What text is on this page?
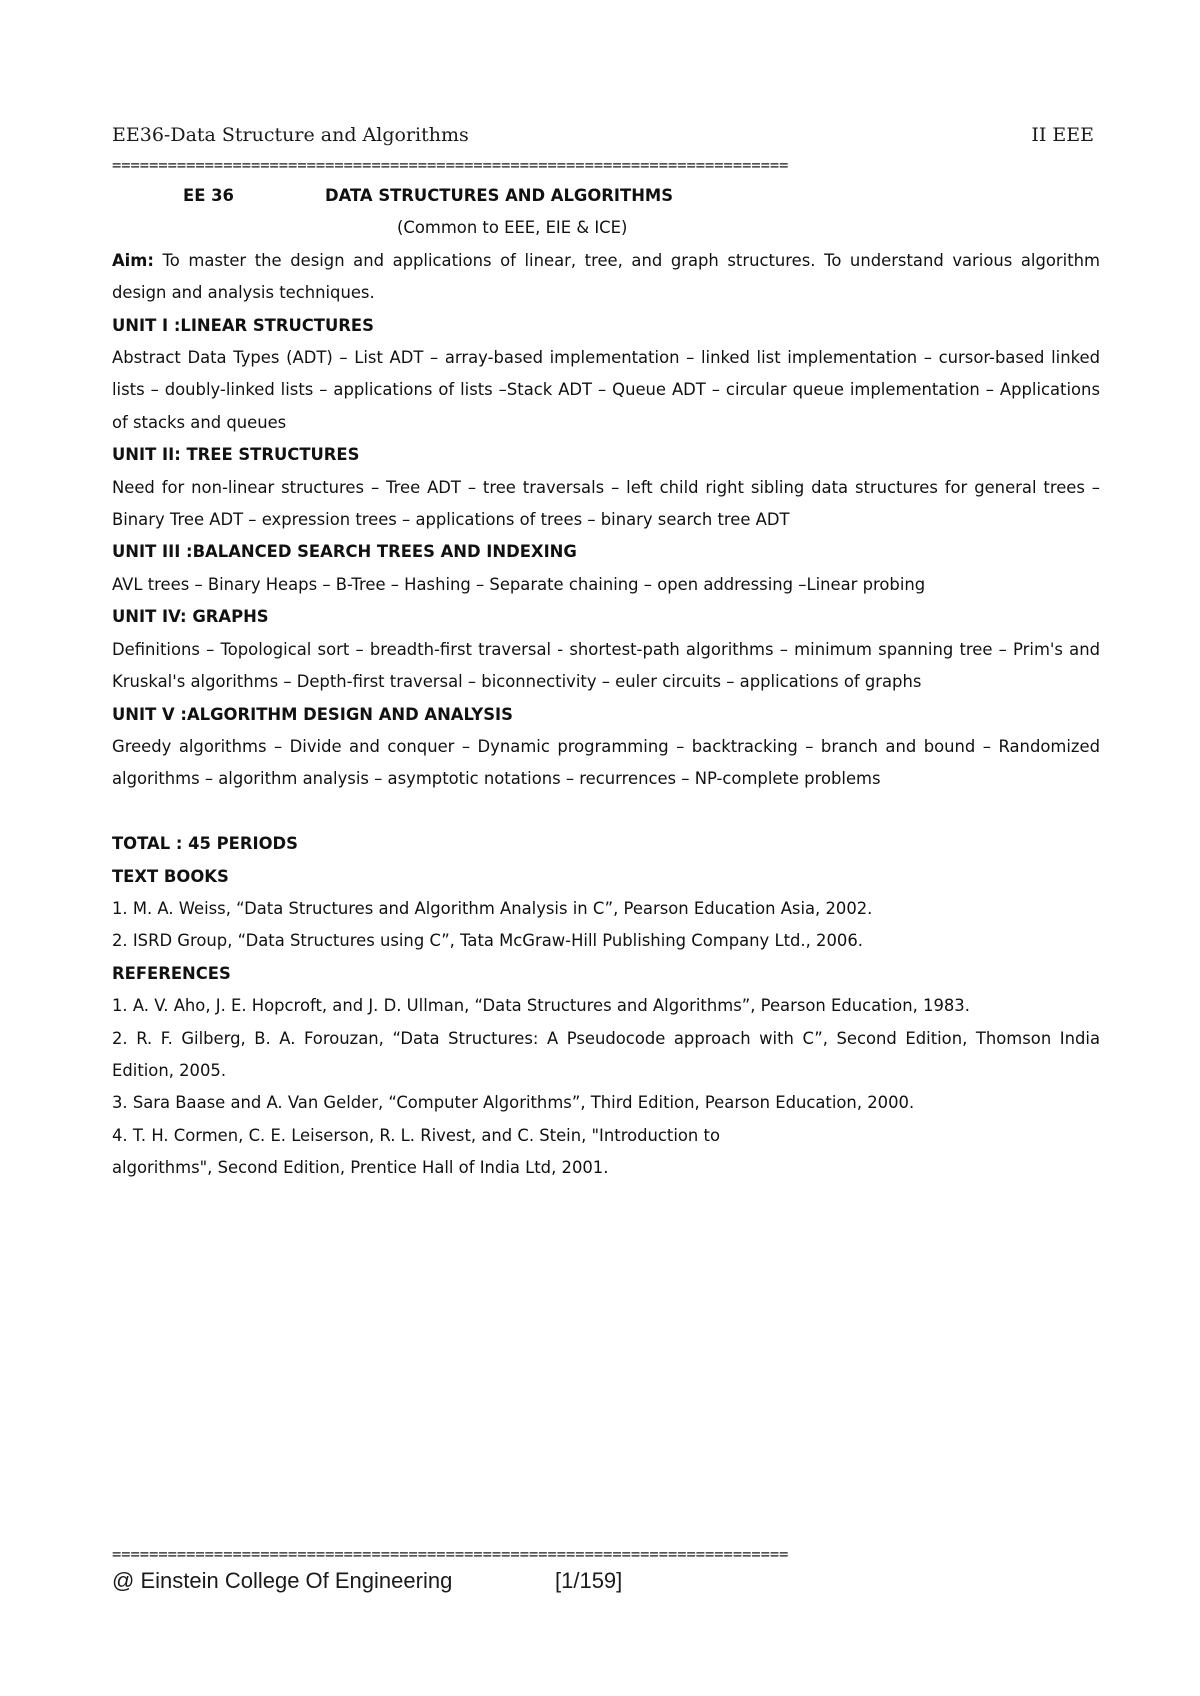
EE36-Data Structure and Algorithms	II EEE
=========================================================================

EE 36	DATA STRUCTURES AND ALGORITHMS

(Common to EEE, EIE & ICE)

Aim: To master the design and applications of linear, tree, and graph structures. To understand various algorithm design and analysis techniques.

UNIT I :LINEAR STRUCTURES

Abstract Data Types (ADT) – List ADT – array-based implementation – linked list implementation – cursor-based linked lists – doubly-linked lists – applications of lists –Stack ADT – Queue ADT – circular queue implementation – Applications of stacks and queues

UNIT II: TREE STRUCTURES

Need for non-linear structures – Tree ADT – tree traversals – left child right sibling data structures for general trees – Binary Tree ADT – expression trees – applications of trees – binary search tree ADT

UNIT III :BALANCED SEARCH TREES AND INDEXING

AVL trees – Binary Heaps – B-Tree – Hashing – Separate chaining – open addressing –Linear probing

UNIT IV: GRAPHS

Definitions – Topological sort – breadth-first traversal - shortest-path algorithms – minimum spanning tree – Prim's and Kruskal's algorithms – Depth-first traversal – biconnectivity – euler circuits – applications of graphs

UNIT V :ALGORITHM DESIGN AND ANALYSIS

Greedy algorithms – Divide and conquer – Dynamic programming – backtracking – branch and bound – Randomized algorithms – algorithm analysis – asymptotic notations – recurrences – NP-complete problems

TOTAL : 45 PERIODS

TEXT BOOKS

1. M. A. Weiss, “Data Structures and Algorithm Analysis in C”, Pearson Education Asia, 2002.

2. ISRD Group, “Data Structures using C”, Tata McGraw-Hill Publishing Company Ltd., 2006.

REFERENCES

1. A. V. Aho, J. E. Hopcroft, and J. D. Ullman, “Data Structures and Algorithms”, Pearson Education, 1983.

2. R. F. Gilberg, B. A. Forouzan, “Data Structures: A Pseudocode approach with C”, Second Edition, Thomson India Edition, 2005.

3. Sara Baase and A. Van Gelder, “Computer Algorithms”, Third Edition, Pearson Education, 2000.

4. T. H. Cormen, C. E. Leiserson, R. L. Rivest, and C. Stein, "Introduction to

algorithms", Second Edition, Prentice Hall of India Ltd, 2001.

=========================================================================
@ Einstein College Of Engineering	[1/159]
